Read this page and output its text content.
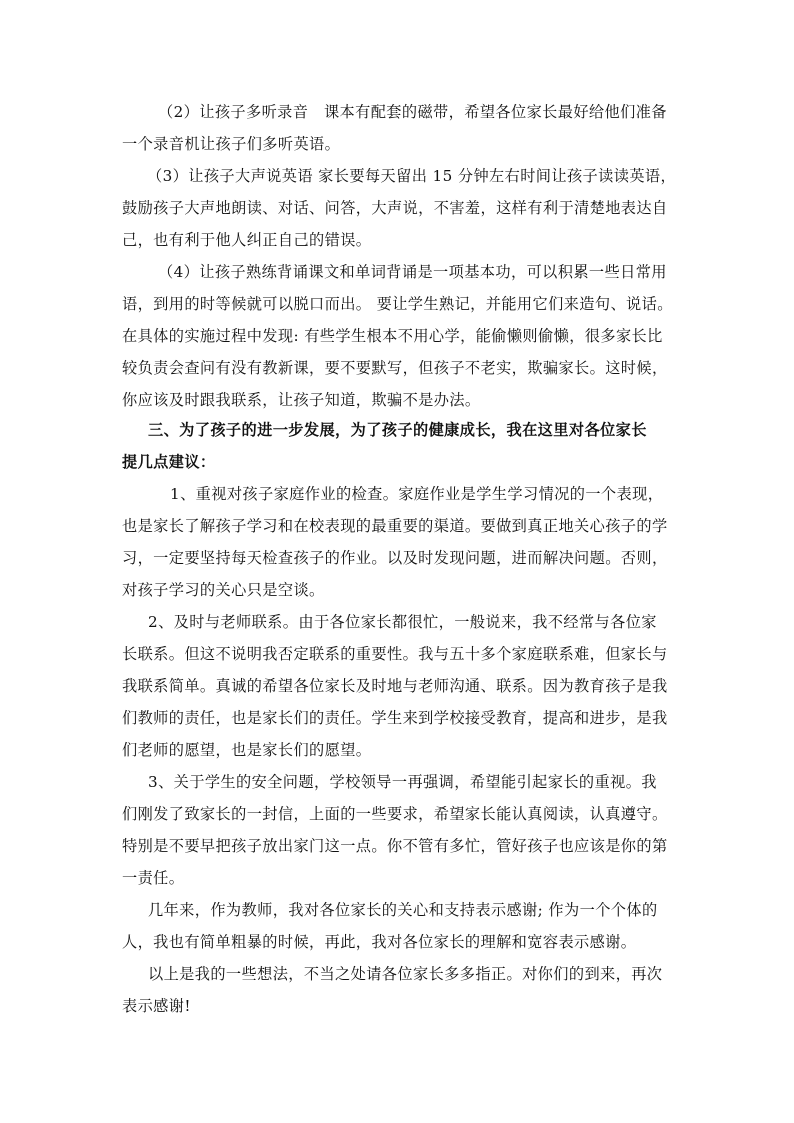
（2）让孩子多听录音　课本有配套的磁带，希望各位家长最好给他们准备
一个录音机让孩子们多听英语。
（3）让孩子大声说英语 家长要每天留出 15 分钟左右时间让孩子读读英语，
鼓励孩子大声地朗读、对话、问答，大声说，不害羞，这样有利于清楚地表达自
己，也有利于他人纠正自己的错误。
（4）让孩子熟练背诵课文和单词背诵是一项基本功，可以积累一些日常用
语，到用的时等候就可以脱口而出。 要让学生熟记，并能用它们来造句、说话。
在具体的实施过程中发现: 有些学生根本不用心学，能偷懒则偷懒，很多家长比
较负责会查问有没有教新课，要不要默写，但孩子不老实，欺骗家长。这时候，
你应该及时跟我联系，让孩子知道，欺骗不是办法。
三、为了孩子的进一步发展，为了孩子的健康成长，我在这里对各位家长
提几点建议：
1、重视对孩子家庭作业的检查。家庭作业是学生学习情况的一个表现，
也是家长了解孩子学习和在校表现的最重要的渠道。要做到真正地关心孩子的学
习，一定要坚持每天检查孩子的作业。以及时发现问题，进而解决问题。否则，
对孩子学习的关心只是空谈。
2、及时与老师联系。由于各位家长都很忙，一般说来，我不经常与各位家
长联系。但这不说明我否定联系的重要性。我与五十多个家庭联系难，但家长与
我联系简单。真诚的希望各位家长及时地与老师沟通、联系。因为教育孩子是我
们教师的责任，也是家长们的责任。学生来到学校接受教育，提高和进步，是我
们老师的愿望，也是家长们的愿望。
3、关于学生的安全问题，学校领导一再强调，希望能引起家长的重视。我
们刚发了致家长的一封信，上面的一些要求，希望家长能认真阅读，认真遵守。
特别是不要早把孩子放出家门这一点。你不管有多忙，管好孩子也应该是你的第
一责任。
几年来，作为教师，我对各位家长的关心和支持表示感谢; 作为一个个体的
人，我也有简单粗暴的时候，再此，我对各位家长的理解和宽容表示感谢。
以上是我的一些想法，不当之处请各位家长多多指正。对你们的到来，再次
表示感谢!
